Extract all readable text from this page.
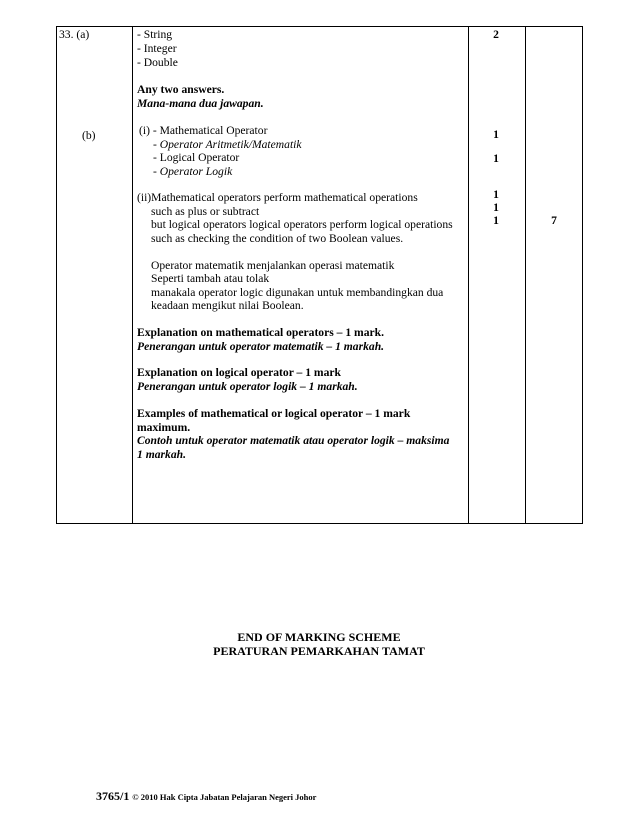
33. (a)
(b)
- String
- Integer
- Double
Any two answers.
Mana-mana dua jawapan.
(i) - Mathematical Operator
- Operator Aritmetik/Matematik
- Logical Operator
- Operator Logik
(ii)Mathematical operators perform mathematical operations
such as plus or subtract
but logical operators logical operators perform logical operations
such as checking the condition of two Boolean values.
Operator matematik menjalankan operasi matematik
Seperti tambah atau tolak
manakala operator logic digunakan untuk membandingkan dua
keadaan mengikut nilai Boolean.
Explanation on mathematical operators – 1 mark.
Penerangan untuk operator matematik – 1 markah.
Explanation on logical operator – 1 mark
Penerangan untuk operator logik – 1 markah.
Examples of mathematical or logical operator – 1 mark
maximum.
Contoh untuk operator matematik atau operator logik – maksima
1 markah.
2
1
1
1
1
1	7
END OF MARKING SCHEME
PERATURAN PEMARKAHAN TAMAT
3765/1 © 2010 Hak Cipta Jabatan Pelajaran Negeri Johor
